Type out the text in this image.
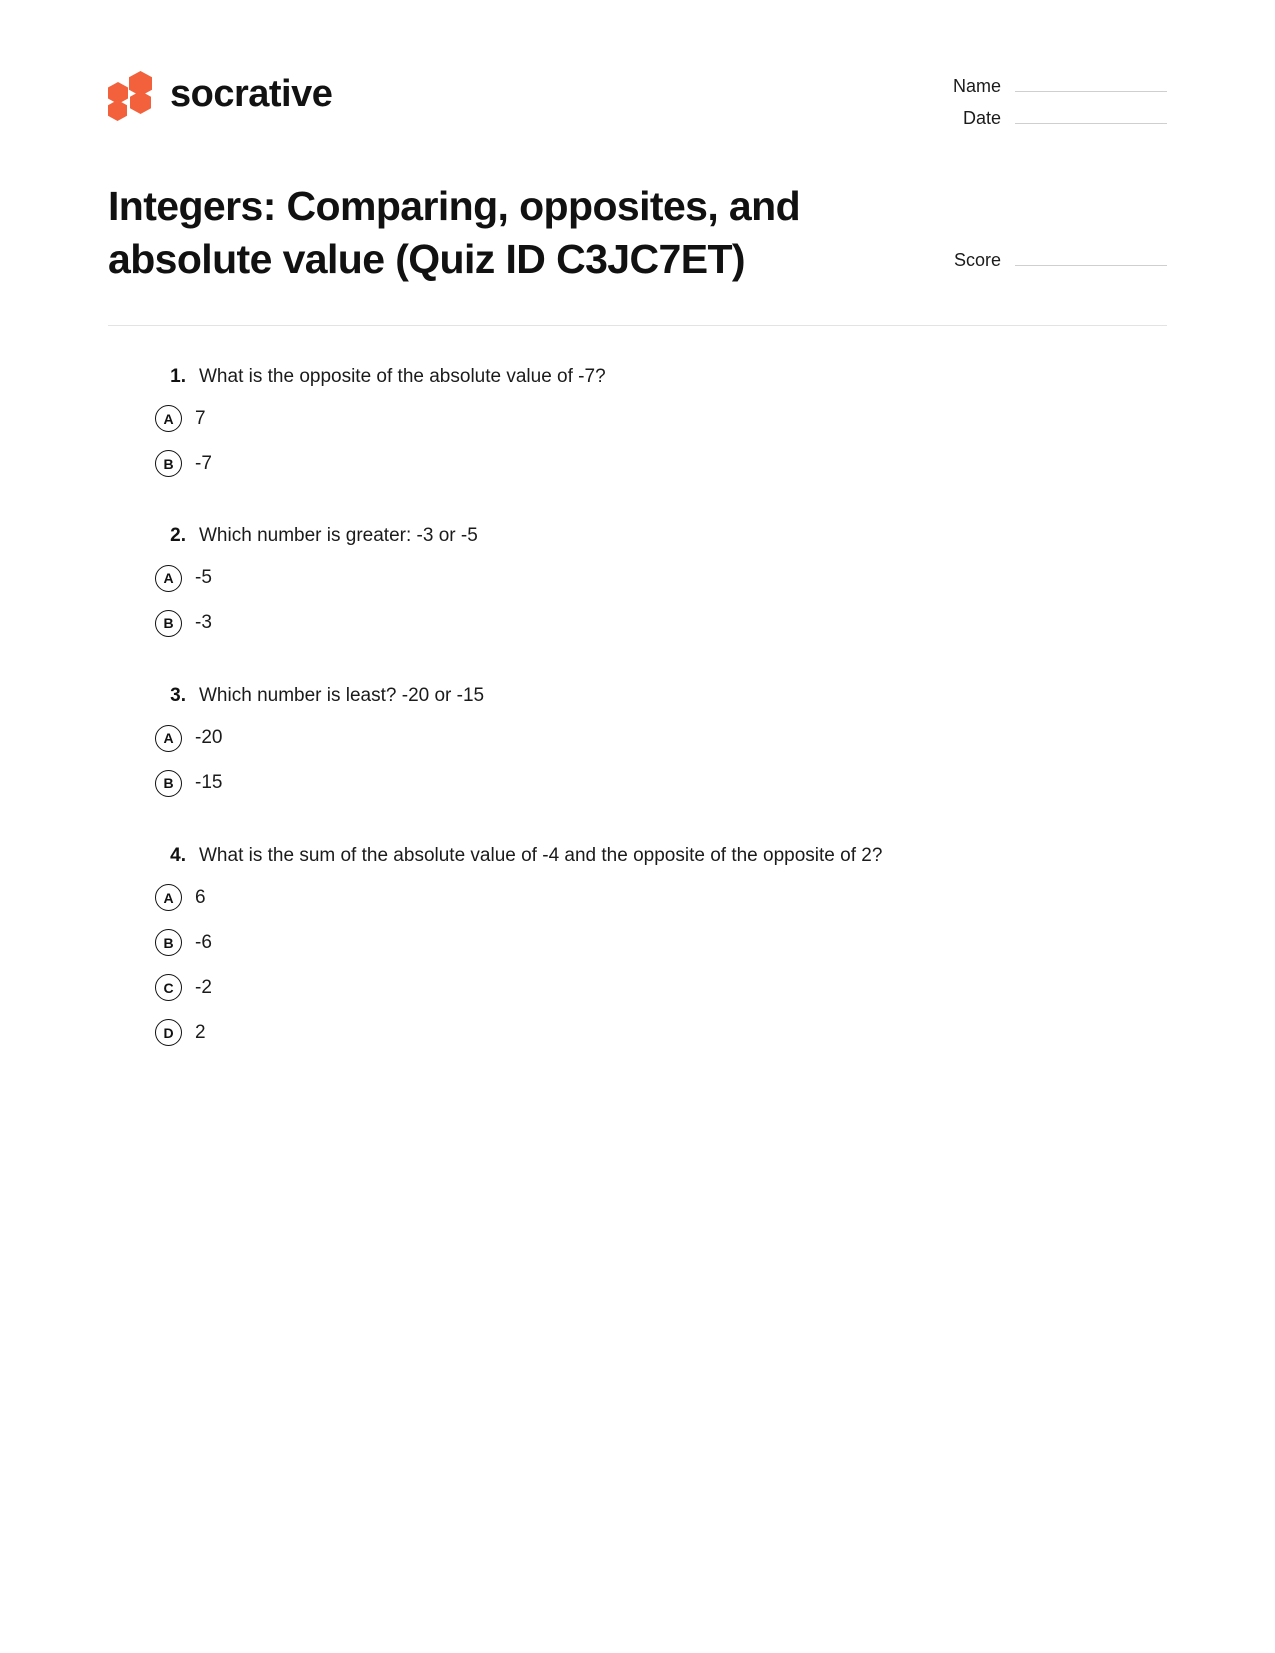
socrative	Name
Date
Integers: Comparing, opposites, and absolute value (Quiz ID C3JC7ET)	Score
1. What is the opposite of the absolute value of -7?
A	7
B	-7
2. Which number is greater: -3 or -5
A	-5
B	-3
3. Which number is least? -20 or -15
A	-20
B	-15
4. What is the sum of the absolute value of -4 and the opposite of the opposite of 2?
A	6
B	-6
C	-2
D	2
